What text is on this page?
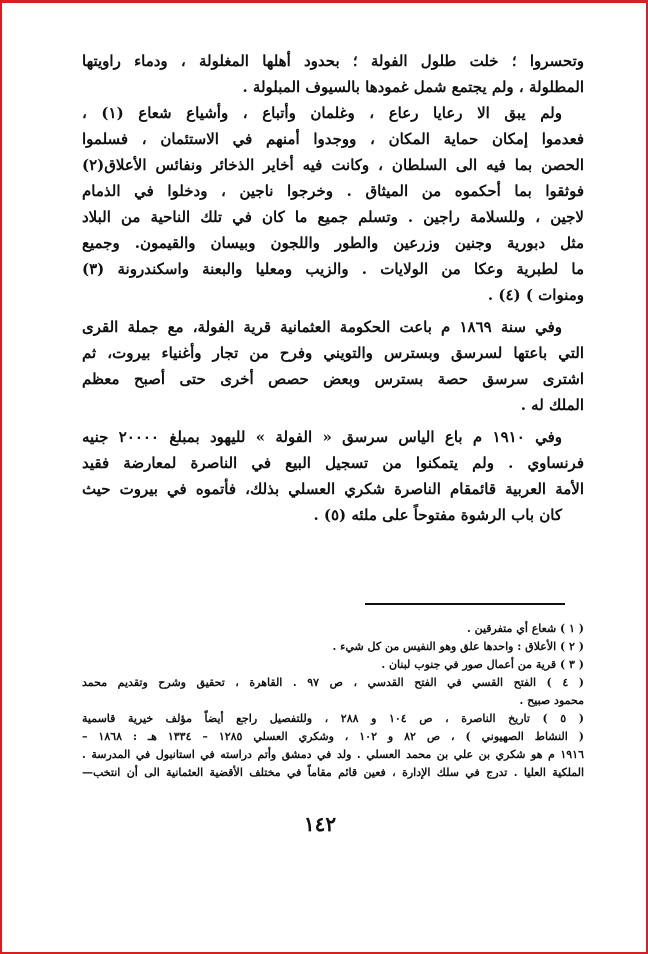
وتحسروا ؛ خلت طلول الفولة ؛ بحدود أهلها المغلولة ، ودماء راويتها
المطلولة ، ولم يجتمع شمل غمودها بالسيوف المبلولة .
ولم يبق الا رعايا رعاع ، وغلمان وأتباع ، وأشياع شعاع (١) ،
فعدموا إمكان حماية المكان ، ووجدوا أمنهم في الاستئمان ، فسلموا
الحصن بما فيه الى السلطان ، وكانت فيه أخاير الذخائر ونفائس الأعلاق(٢)
فوثقوا بما أحكموه من الميثاق . وخرجوا ناجين ، ودخلوا في الذمام
لاجين ، وللسلامة راجين . وتسلم جميع ما كان في تلك الناحية من البلاد
مثل دبورية وجنين وزرعين والطور واللجون وبيسان والقيمون. وجميع
ما لطبرية وعكا من الولايات . والزيب ومعليا والبعنة واسكندرونة (٣)
ومنوات ) (٤) .
وفي سنة ١٨٦٩ م باعت الحكومة العثمانية قرية الفولة، مع جملة القرى
التي باعتها لسرسق وبسترس والتويني وفرح من تجار وأغنياء بيروت، ثم
اشترى سرسق حصة بسترس وبعض حصص أخرى حتى أصبح معظم
الملك له .
وفي ١٩١٠ م باع الياس سرسق « الفولة » لليهود بمبلغ ٢٠٠٠٠ جنيه
فرنساوي . ولم يتمكنوا من تسجيل البيع في الناصرة لمعارضة فقيد
الأمة العربية قائمقام الناصرة شكري العسلي بذلك، فأتموه في بيروت حيث
كان باب الرشوة مفتوحاً على ملئه (٥) .
( ١ ) شعاع أي متفرقين .
( ٢ ) الأعلاق : واحدها علق وهو النفيس من كل شيء .
( ٣ ) قرية من أعمال صور في جنوب لبنان .
( ٤ ) الفتح القسي في الفتح القدسي ، ص ٩٧ . القاهرة ، تحقيق وشرح وتقديم محمد
محمود صبيح .
( ٥ ) تاريخ الناصرة ، ص ١٠٤ و ٢٨٨ ، وللتفصيل راجع أيضاً مؤلف خيرية قاسمية
( النشاط الصهيوني ) ، ص ٨٢ و ١٠٢ ، وشكري العسلي ١٢٨٥ – ١٣٣٤ هـ : ١٨٦٨ –
١٩١٦ م هو شكري بن علي بن محمد العسلي . ولد في دمشق وأتم دراسته في استانبول في المدرسة .
الملكية العليا . تدرج في سلك الإدارة ، فعين قائم مقاماً في مختلف الأقضية العثمانية الى أن انتخب—
١٤٢
